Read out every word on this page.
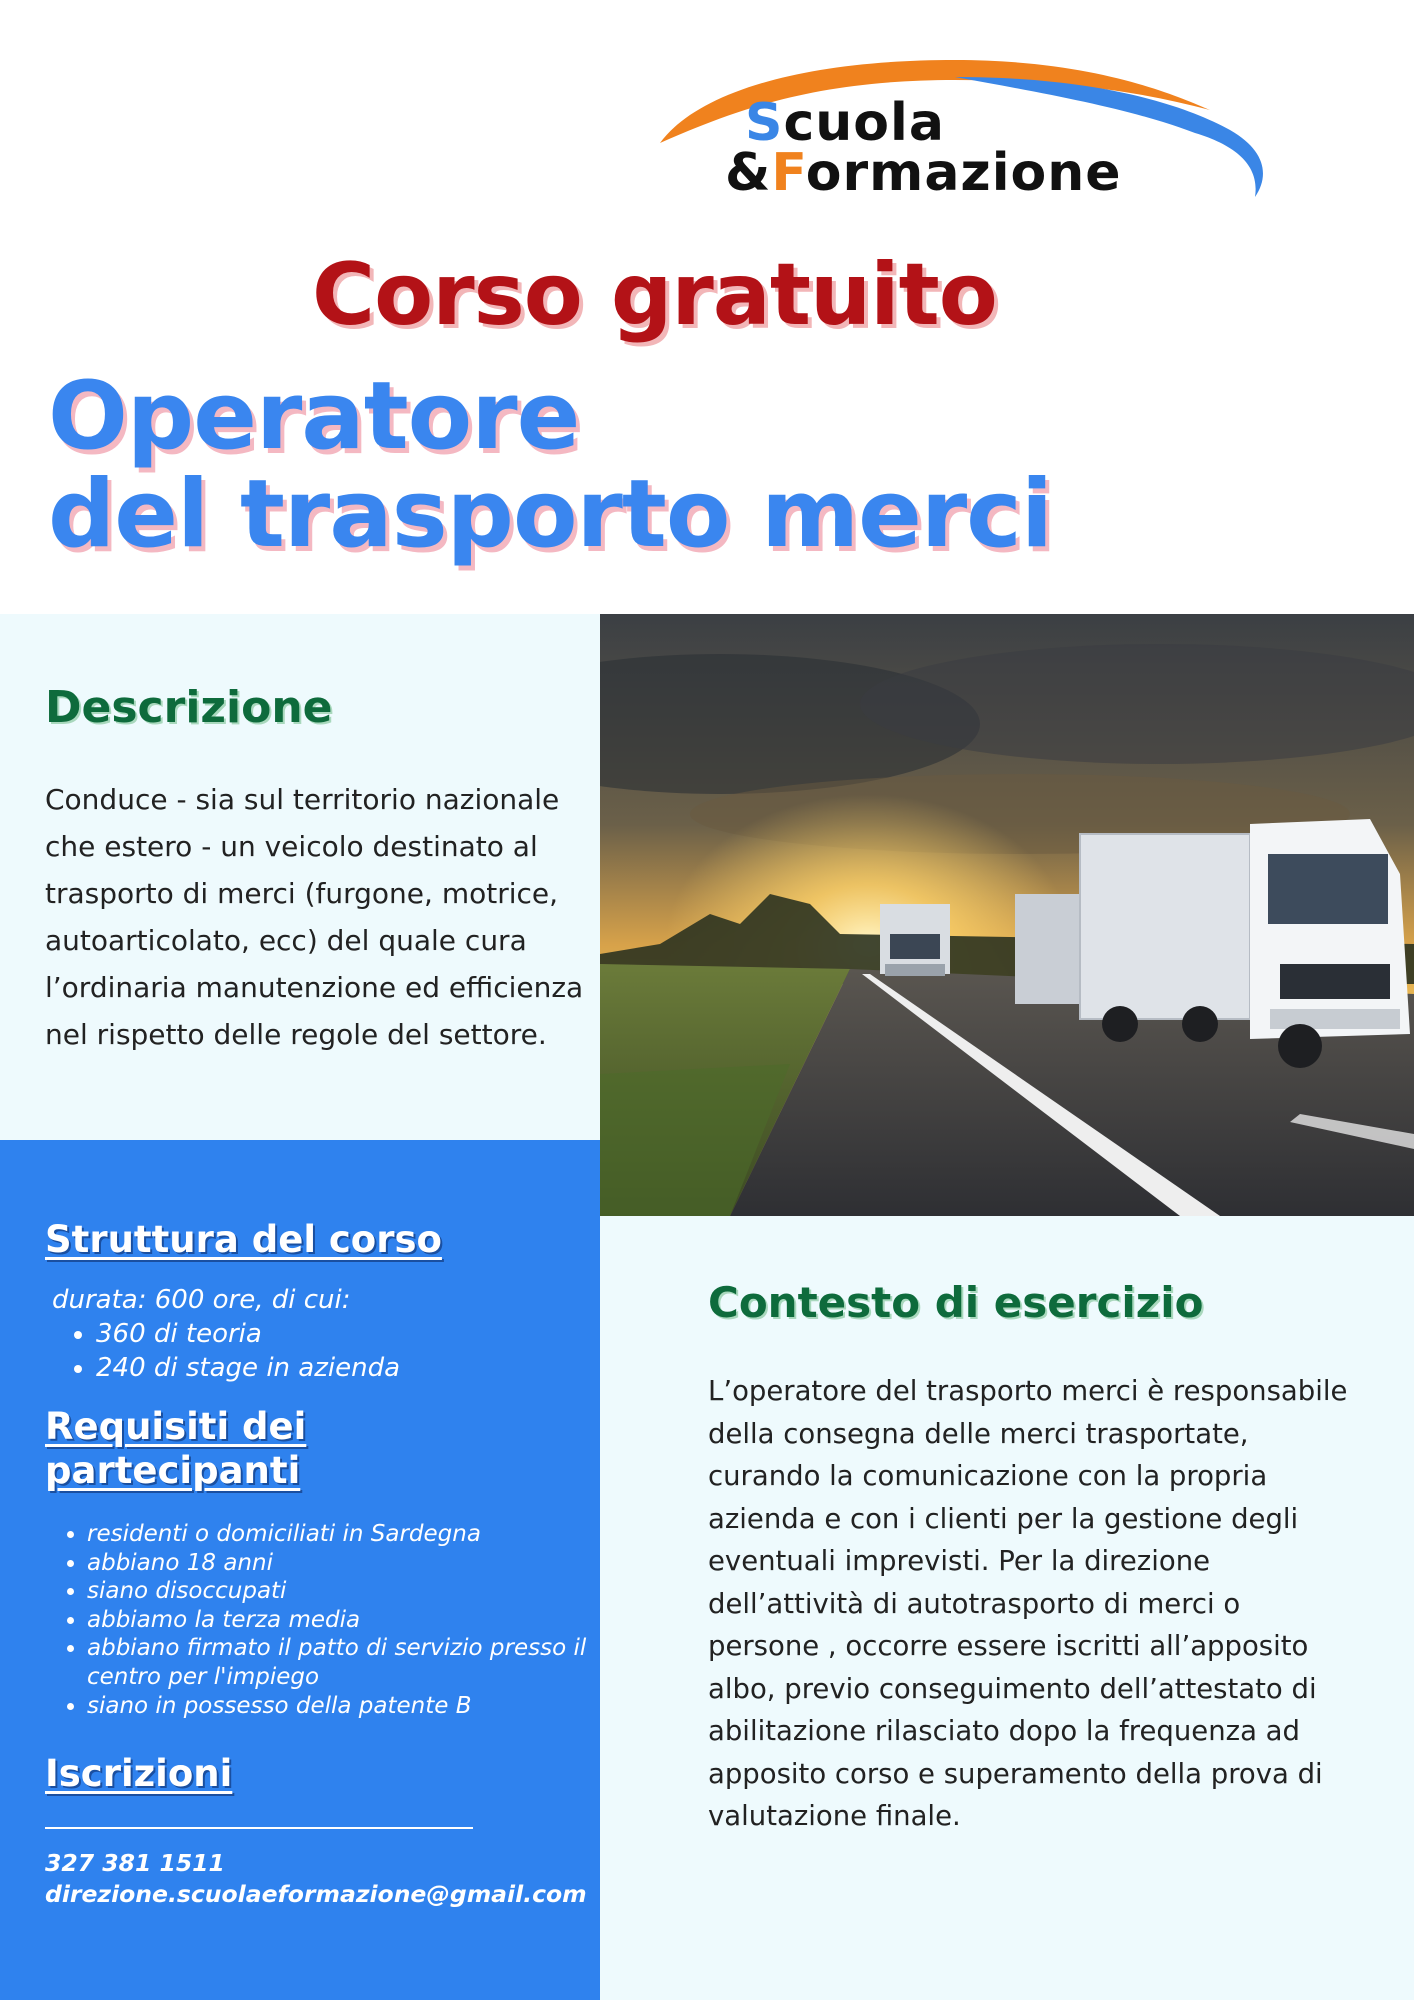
Scuola
&Formazione
Corso gratuito
Operatore
del trasporto merci
Descrizione
Conduce - sia sul territorio nazionale che estero - un veicolo destinato al trasporto di merci (furgone, motrice, autoarticolato, ecc) del quale cura l’ordinaria manutenzione ed efficienza nel rispetto delle regole del settore.
Struttura del corso
durata: 600 ore, di cui:
• 360 di teoria
• 240 di stage in azienda
Requisiti dei
partecipanti
• residenti o domiciliati in Sardegna
• abbiano 18 anni
• siano disoccupati
• abbiamo la terza media
• abbiano firmato il patto di servizio presso il centro per l'impiego
• siano in possesso della patente B
Iscrizioni
327 381 1511
direzione.scuolaeformazione@gmail.com
Contesto di esercizio
L’operatore del trasporto merci è responsabile della consegna delle merci trasportate, curando la comunicazione con la propria azienda e con i clienti per la gestione degli eventuali imprevisti. Per la direzione dell’attività di autotrasporto di merci o persone , occorre essere iscritti all’apposito albo, previo conseguimento dell’attestato di abilitazione rilasciato dopo la frequenza ad apposito corso e superamento della prova di valutazione finale.
